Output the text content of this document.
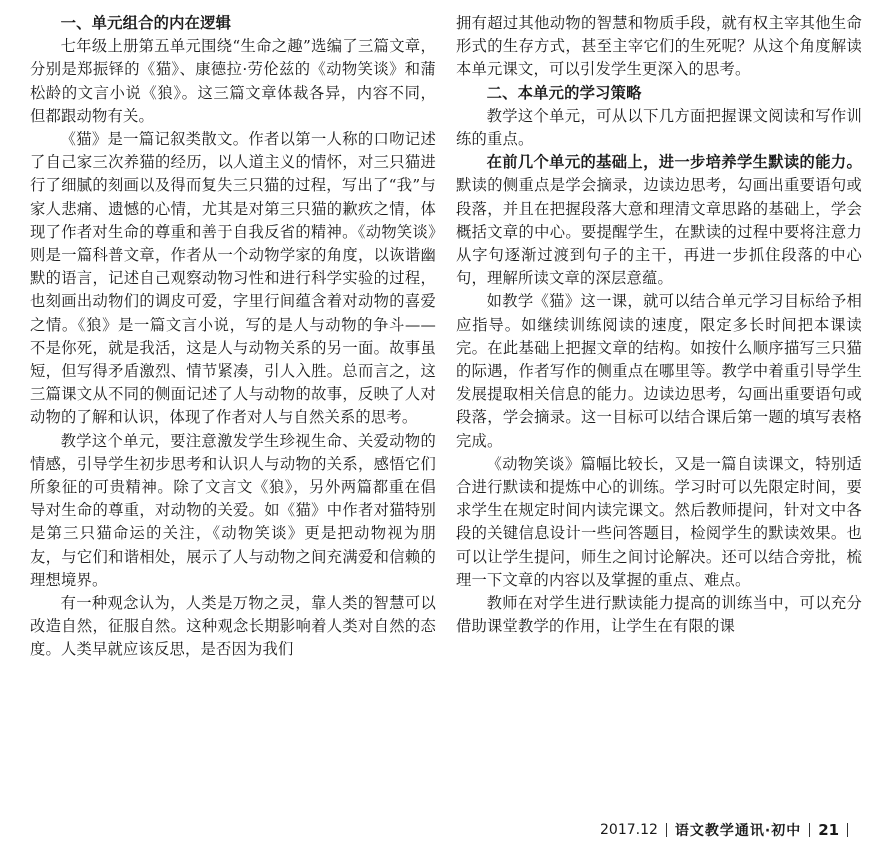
一、单元组合的内在逻辑

七年级上册第五单元围绕“生命之趣”选编了三篇文章，分别是郑振铎的《猫》、康德拉·劳伦兹的《动物笑谈》和蒲松龄的文言小说《狼》。这三篇文章体裁各异，内容不同，但都跟动物有关。

《猫》是一篇记叙类散文。作者以第一人称的口吻记述了自己家三次养猫的经历，以人道主义的情怀，对三只猫进行了细腻的刻画以及得而复失三只猫的过程，写出了“我”与家人悲痛、遗憾的心情，尤其是对第三只猫的歉疚之情，体现了作者对生命的尊重和善于自我反省的精神。《动物笑谈》则是一篇科普文章，作者从一个动物学家的角度，以诙谐幽默的语言，记述自己观察动物习性和进行科学实验的过程，也刻画出动物们的调皮可爱，字里行间蕴含着对动物的喜爱之情。《狼》是一篇文言小说，写的是人与动物的争斗——不是你死，就是我活，这是人与动物关系的另一面。故事虽短，但写得矛盾激烈、情节紧凑，引人入胜。总而言之，这三篇课文从不同的侧面记述了人与动物的故事，反映了人对动物的了解和认识，体现了作者对人与自然关系的思考。

教学这个单元，要注意激发学生珍视生命、关爱动物的情感，引导学生初步思考和认识人与动物的关系，感悟它们所象征的可贵精神。除了文言文《狼》，另外两篇都重在倡导对生命的尊重，对动物的关爱。如《猫》中作者对猫特别是第三只猫命运的关注，《动物笑谈》更是把动物视为朋友，与它们和谐相处，展示了人与动物之间充满爱和信赖的理想境界。

有一种观念认为，人类是万物之灵，靠人类的智慧可以改造自然，征服自然。这种观念长期影响着人类对自然的态度。人类早就应该反思，是否因为我们

拥有超过其他动物的智慧和物质手段，就有权主宰其他生命形式的生存方式，甚至主宰它们的生死呢？从这个角度解读本单元课文，可以引发学生更深入的思考。

二、本单元的学习策略

教学这个单元，可从以下几方面把握课文阅读和写作训练的重点。

在前几个单元的基础上，进一步培养学生默读的能力。默读的侧重点是学会摘录，边读边思考，勾画出重要语句或段落，并且在把握段落大意和理清文章思路的基础上，学会概括文章的中心。要提醒学生，在默读的过程中要将注意力从字句逐渐过渡到句子的主干，再进一步抓住段落的中心句，理解所读文章的深层意蕴。

如教学《猫》这一课，就可以结合单元学习目标给予相应指导。如继续训练阅读的速度，限定多长时间把本课读完。在此基础上把握文章的结构。如按什么顺序描写三只猫的际遇，作者写作的侧重点在哪里等。教学中着重引导学生发展提取相关信息的能力。边读边思考，勾画出重要语句或段落，学会摘录。这一目标可以结合课后第一题的填写表格完成。

《动物笑谈》篇幅比较长，又是一篇自读课文，特别适合进行默读和提炼中心的训练。学习时可以先限定时间，要求学生在规定时间内读完课文。然后教师提问，针对文中各段的关键信息设计一些问答题目，检阅学生的默读效果。也可以让学生提问，师生之间讨论解决。还可以结合旁批，梳理一下文章的内容以及掌握的重点、难点。

教师在对学生进行默读能力提高的训练当中，可以充分借助课堂教学的作用，让学生在有限的课

2017.12 语文教学通讯·初中 21
